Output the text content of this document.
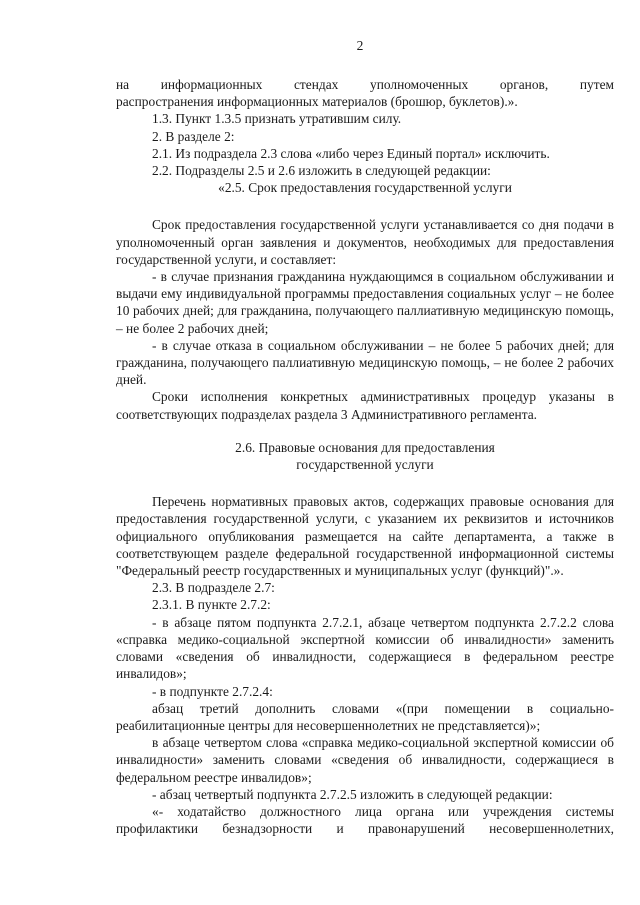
2

на информационных стендах уполномоченных органов, путем

распространения информационных материалов (брошюр, буклетов).».

1.3. Пункт 1.3.5 признать утратившим силу.

2. В разделе 2:

2.1. Из подраздела 2.3 слова «либо через Единый портал» исключить.

2.2. Подразделы 2.5 и 2.6 изложить в следующей редакции:

«2.5. Срок предоставления государственной услуги

Срок предоставления государственной услуги устанавливается со дня подачи в уполномоченный орган заявления и документов, необходимых для предоставления государственной услуги, и составляет:

- в случае признания гражданина нуждающимся в социальном обслуживании и выдачи ему индивидуальной программы предоставления социальных услуг – не более 10 рабочих дней; для гражданина, получающего паллиативную медицинскую помощь, – не более 2 рабочих дней;

- в случае отказа в социальном обслуживании – не более 5 рабочих дней; для гражданина, получающего паллиативную медицинскую помощь, – не более 2 рабочих дней.

Сроки исполнения конкретных административных процедур указаны в соответствующих подразделах раздела 3 Административного регламента.

2.6. Правовые основания для предоставления

государственной услуги

Перечень нормативных правовых актов, содержащих правовые основания для предоставления государственной услуги, с указанием их реквизитов и источников официального опубликования размещается на сайте департамента, а также в соответствующем разделе федеральной государственной информационной системы "Федеральный реестр государственных и муниципальных услуг (функций)".».

2.3. В подразделе 2.7:

2.3.1. В пункте 2.7.2:

- в абзаце пятом подпункта 2.7.2.1, абзаце четвертом подпункта 2.7.2.2 слова «справка медико-социальной экспертной комиссии об инвалидности» заменить словами «сведения об инвалидности, содержащиеся в федеральном реестре инвалидов»;

- в подпункте 2.7.2.4:

абзац третий дополнить словами «(при помещении в социально-реабилитационные центры для несовершеннолетних не представляется)»;

в абзаце четвертом слова «справка медико-социальной экспертной комиссии об инвалидности» заменить словами «сведения об инвалидности, содержащиеся в федеральном реестре инвалидов»;

- абзац четвертый подпункта 2.7.2.5 изложить в следующей редакции:

«- ходатайство должностного лица органа или учреждения системы профилактики безнадзорности и правонарушений несовершеннолетних,
